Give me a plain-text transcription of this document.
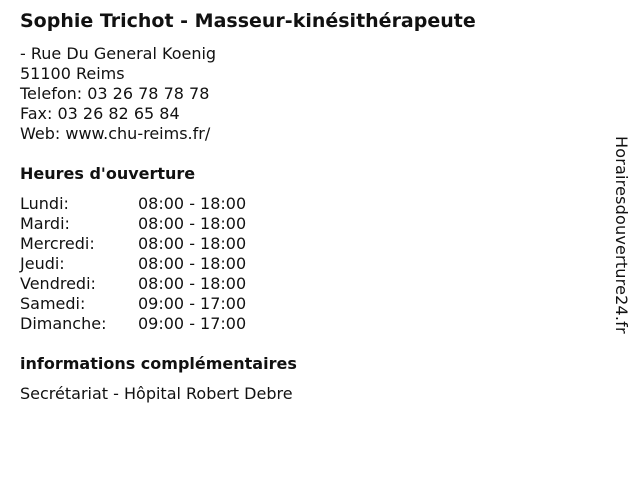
Sophie Trichot - Masseur-kinésithérapeute
- Rue Du General Koenig
51100 Reims
Telefon: 03 26 78 78 78
Fax: 03 26 82 65 84
Web: www.chu-reims.fr/
Heures d'ouverture
Lundi:	08:00 - 18:00
Mardi:	08:00 - 18:00
Mercredi:	08:00 - 18:00
Jeudi:	08:00 - 18:00
Vendredi:	08:00 - 18:00
Samedi:	09:00 - 17:00
Dimanche:	09:00 - 17:00
informations complémentaires
Secrétariat - Hôpital Robert Debre
Horairesdouverture24.fr
